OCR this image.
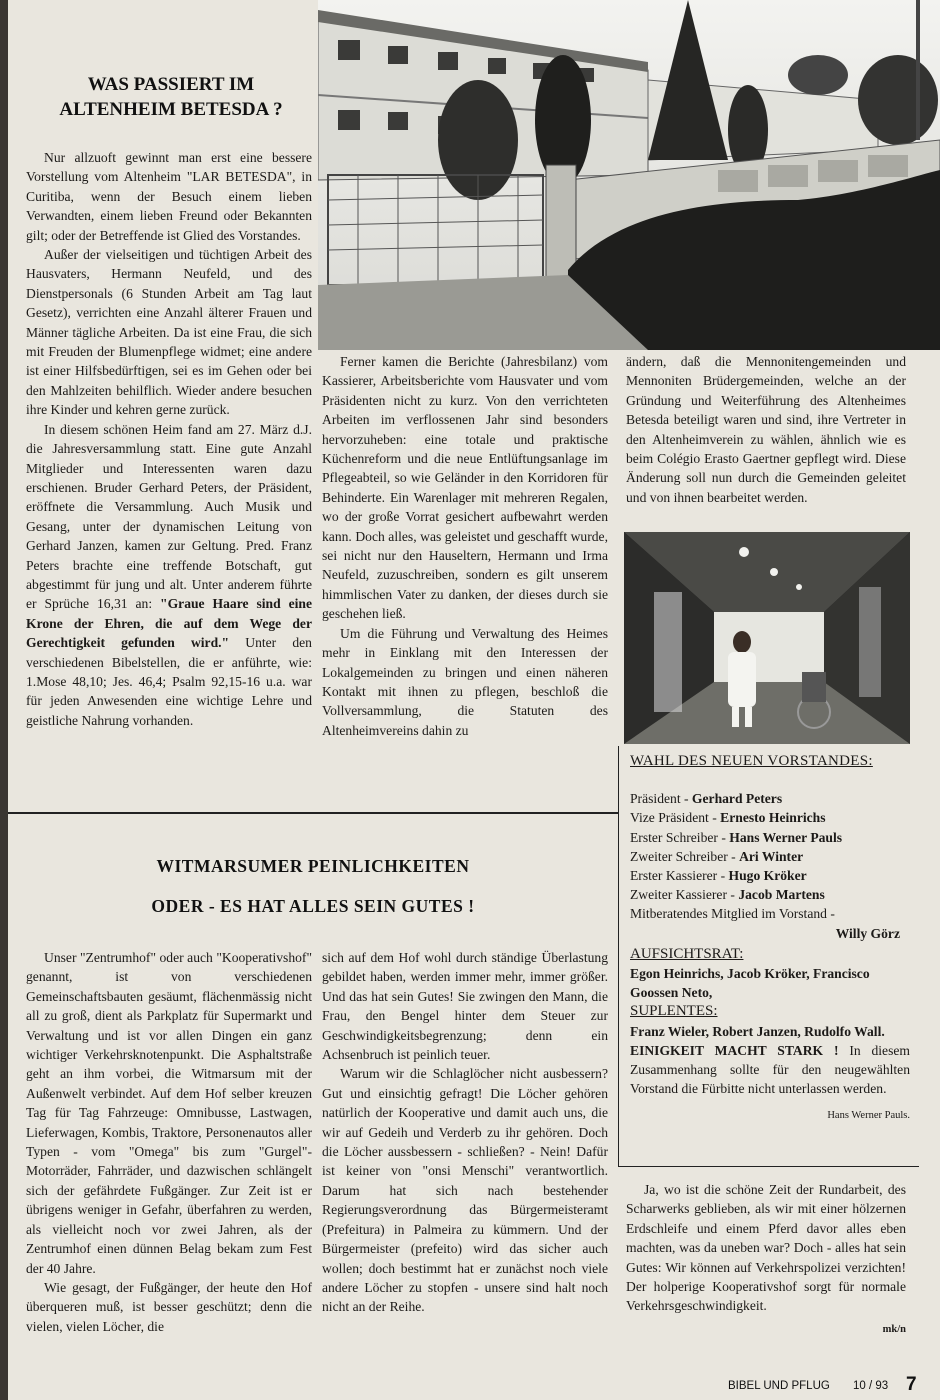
WAS PASSIERT IM
ALTENHEIM BETESDA ?

Nur allzuoft gewinnt man erst eine bessere Vorstellung vom Altenheim "LAR BETESDA", in Curitiba, wenn der Besuch einem lieben Verwandten, einem lieben Freund oder Bekannten gilt; oder der Betreffende ist Glied des Vorstandes.

Außer der vielseitigen und tüchtigen Arbeit des Hausvaters, Hermann Neufeld, und des Dienstpersonals (6 Stunden Arbeit am Tag laut Gesetz), verrichten eine Anzahl älterer Frauen und Männer tägliche Arbeiten. Da ist eine Frau, die sich mit Freuden der Blumenpflege widmet; eine andere ist einer Hilfsbedürftigen, sei es im Gehen oder bei den Mahlzeiten behilflich. Wieder andere besuchen ihre Kinder und kehren gerne zurück.

In diesem schönen Heim fand am 27. März d.J. die Jahresversammlung statt. Eine gute Anzahl Mitglieder und Interessenten waren dazu erschienen. Bruder Gerhard Peters, der Präsident, eröffnete die Versammlung. Auch Musik und Gesang, unter der dynamischen Leitung von Gerhard Janzen, kamen zur Geltung. Pred. Franz Peters brachte eine treffende Botschaft, gut abgestimmt für jung und alt. Unter anderem führte er Sprüche 16,31 an: "Graue Haare sind eine Krone der Ehren, die auf dem Wege der Gerechtigkeit gefunden wird." Unter den verschiedenen Bibelstellen, die er anführte, wie: 1.Mose 48,10; Jes. 46,4; Psalm 92,15-16 u.a. war für jeden Anwesenden eine wichtige Lehre und geistliche Nahrung vorhanden.

Ferner kamen die Berichte (Jahresbilanz) vom Kassierer, Arbeitsberichte vom Hausvater und vom Präsidenten nicht zu kurz. Von den verrichteten Arbeiten im verflossenen Jahr sind besonders hervorzuheben: eine totale und praktische Küchenreform und die neue Entlüftungsanlage im Pflegeabteil, so wie Geländer in den Korridoren für Behinderte. Ein Warenlager mit mehreren Regalen, wo der große Vorrat gesichert aufbewahrt werden kann. Doch alles, was geleistet und geschafft wurde, sei nicht nur den Hauseltern, Hermann und Irma Neufeld, zuzuschreiben, sondern es gilt unserem himmlischen Vater zu danken, der dieses durch sie geschehen ließ.

Um die Führung und Verwaltung des Heimes mehr in Einklang mit den Interessen der Lokalgemeinden zu bringen und einen näheren Kontakt mit ihnen zu pflegen, beschloß die Vollversammlung, die Statuten des Altenheimvereins dahin zu

ändern, daß die Mennonitengemeinden und Mennoniten Brüdergemeinden, welche an der Gründung und Weiterführung des Altenheimes Betesda beteiligt waren und sind, ihre Vertreter in den Altenheimverein zu wählen, ähnlich wie es beim Colégio Erasto Gaertner gepflegt wird. Diese Änderung soll nun durch die Gemeinden geleitet und von ihnen bearbeitet werden.

WAHL DES NEUEN VORSTANDES:
Präsident - Gerhard Peters
Vize Präsident - Ernesto Heinrichs
Erster Schreiber - Hans Werner Pauls
Zweiter Schreiber - Ari Winter
Erster Kassierer - Hugo Kröker
Zweiter Kassierer - Jacob Martens
Mitberatendes Mitglied im Vorstand -
Willy Görz
AUFSICHTSRAT:
Egon Heinrichs, Jacob Kröker, Francisco Goossen Neto,
SUPLENTES:
Franz Wieler, Robert Janzen, Rudolfo Wall.
EINIGKEIT MACHT STARK ! In diesem Zusammenhang sollte für den neugewählten Vorstand die Fürbitte nicht unterlassen werden.
Hans Werner Pauls.
WITMARSUMER PEINLICHKEITEN
ODER - ES HAT ALLES SEIN GUTES !

Unser "Zentrumhof" oder auch "Kooperativshof" genannt, ist von verschiedenen Gemeinschaftsbauten gesäumt, flächenmässig nicht all zu groß, dient als Parkplatz für Supermarkt und Verwaltung und ist vor allen Dingen ein ganz wichtiger Verkehrsknotenpunkt. Die Asphaltstraße geht an ihm vorbei, die Witmarsum mit der Außenwelt verbindet. Auf dem Hof selber kreuzen Tag für Tag Fahrzeuge: Omnibusse, Lastwagen, Lieferwagen, Kombis, Traktore, Personenautos aller Typen - vom "Omega" bis zum "Gurgel"- Motorräder, Fahrräder, und dazwischen schlängelt sich der gefährdete Fußgänger. Zur Zeit ist er übrigens weniger in Gefahr, überfahren zu werden, als vielleicht noch vor zwei Jahren, als der Zentrumhof einen dünnen Belag bekam zum Fest der 40 Jahre.

Wie gesagt, der Fußgänger, der heute den Hof überqueren muß, ist besser geschützt; denn die vielen, vielen Löcher, die

sich auf dem Hof wohl durch ständige Überlastung gebildet haben, werden immer mehr, immer größer. Und das hat sein Gutes! Sie zwingen den Mann, die Frau, den Bengel hinter dem Steuer zur Geschwindigkeitsbegrenzung; denn ein Achsenbruch ist peinlich teuer.

Warum wir die Schlaglöcher nicht ausbessern? Gut und einsichtig gefragt! Die Löcher gehören natürlich der Kooperative und damit auch uns, die wir auf Gedeih und Verderb zu ihr gehören. Doch die Löcher aussbessern - schließen? - Nein! Dafür ist keiner von "onsi Menschi" verantwortlich. Darum hat sich nach bestehender Regierungsverordnung das Bürgermeisteramt (Prefeitura) in Palmeira zu kümmern. Und der Bürgermeister (prefeito) wird das sicher auch wollen; doch bestimmt hat er zunächst noch viele andere Löcher zu stopfen - unsere sind halt noch nicht an der Reihe.

Ja, wo ist die schöne Zeit der Rundarbeit, des Scharwerks geblieben, als wir mit einer hölzernen Erdschleife und einem Pferd davor alles eben machten, was da uneben war? Doch - alles hat sein Gutes: Wir können auf Verkehrspolizei verzichten! Der holperige Kooperativshof sorgt für normale Verkehrsgeschwindigkeit.

mk/n
BIBEL UND PFLUG 10 / 93 7
